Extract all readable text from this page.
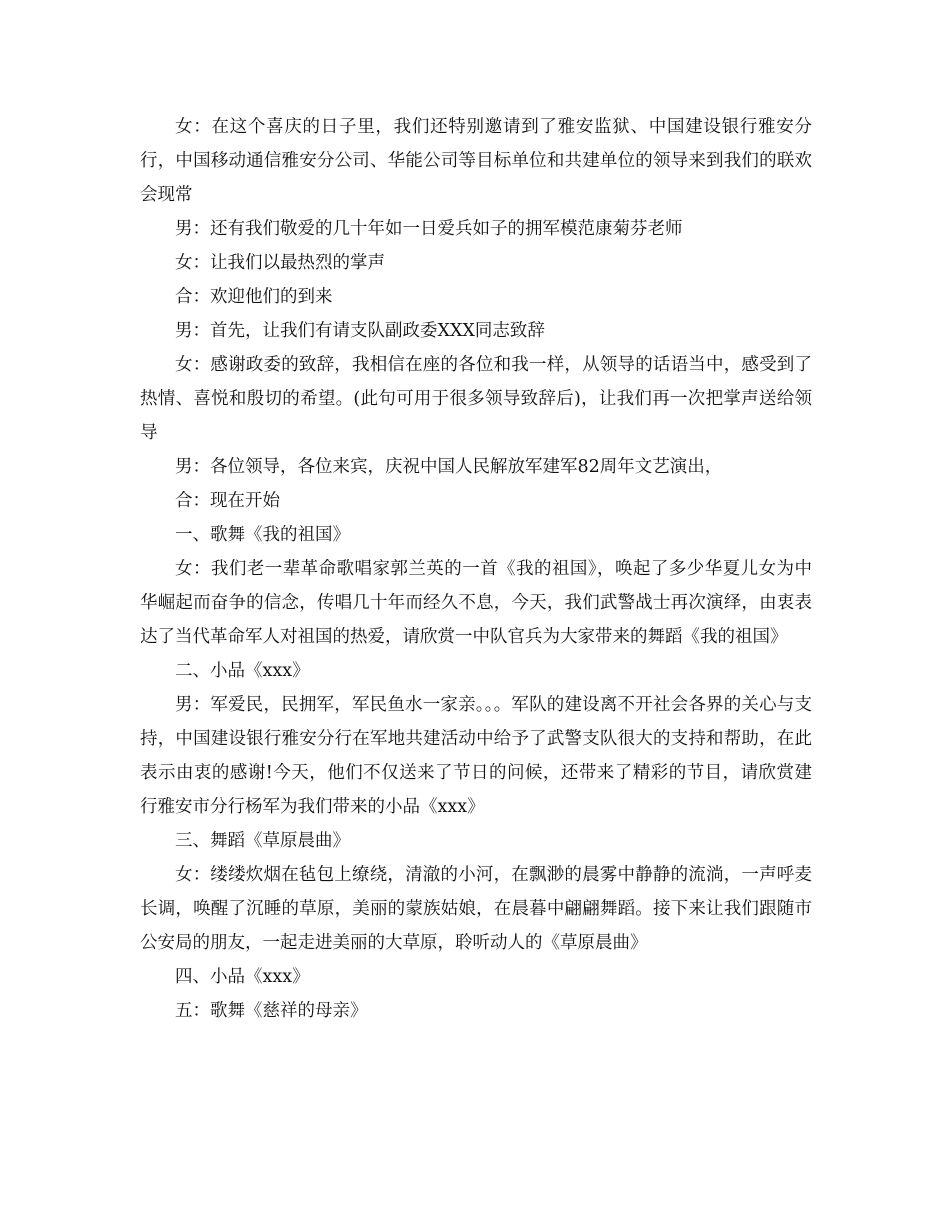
女：在这个喜庆的日子里，我们还特别邀请到了雅安监狱、中国建设银行雅安分行，中国移动通信雅安分公司、华能公司等目标单位和共建单位的领导来到我们的联欢会现常

男：还有我们敬爱的几十年如一日爱兵如子的拥军模范康菊芬老师

女：让我们以最热烈的掌声

合：欢迎他们的到来

男：首先，让我们有请支队副政委XXX同志致辞

女：感谢政委的致辞，我相信在座的各位和我一样，从领导的话语当中，感受到了热情、喜悦和殷切的希望。(此句可用于很多领导致辞后)，让我们再一次把掌声送给领导

男：各位领导，各位来宾，庆祝中国人民解放军建军82周年文艺演出，

合：现在开始

一、歌舞《我的祖国》

女：我们老一辈革命歌唱家郭兰英的一首《我的祖国》，唤起了多少华夏儿女为中华崛起而奋争的信念，传唱几十年而经久不息，今天，我们武警战士再次演绎，由衷表达了当代革命军人对祖国的热爱，请欣赏一中队官兵为大家带来的舞蹈《我的祖国》

二、小品《xxx》

男：军爱民，民拥军，军民鱼水一家亲。。。军队的建设离不开社会各界的关心与支持，中国建设银行雅安分行在军地共建活动中给予了武警支队很大的支持和帮助，在此表示由衷的感谢!今天，他们不仅送来了节日的问候，还带来了精彩的节目，请欣赏建行雅安市分行杨军为我们带来的小品《xxx》

三、舞蹈《草原晨曲》

女：缕缕炊烟在毡包上缭绕，清澈的小河，在飘渺的晨雾中静静的流淌，一声呼麦长调，唤醒了沉睡的草原，美丽的蒙族姑娘，在晨暮中翩翩舞蹈。接下来让我们跟随市公安局的朋友，一起走进美丽的大草原，聆听动人的《草原晨曲》

四、小品《xxx》

五：歌舞《慈祥的母亲》
